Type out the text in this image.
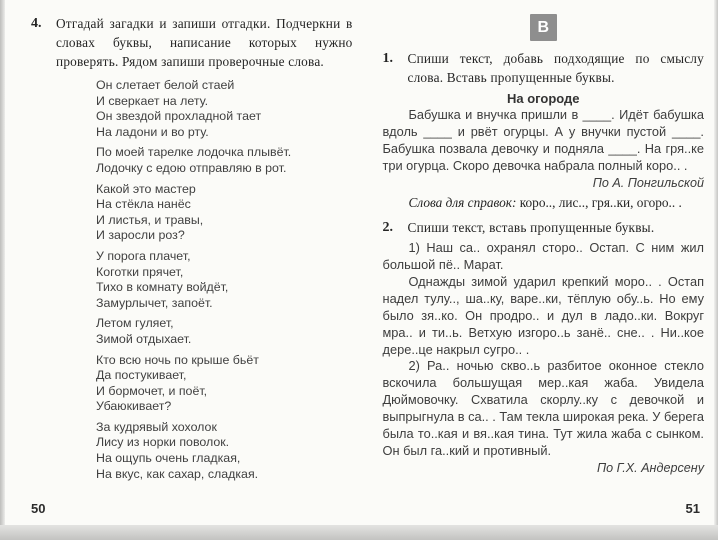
4.	Отгадай загадки и запиши отгадки. Подчеркни в словах буквы, написание которых нужно проверять. Рядом запиши проверочные слова.

Он слетает белой стаей
И сверкает на лету.
Он звездой прохладной тает
На ладони и во рту.
По моей тарелке лодочка плывёт.
Лодочку с едою отправляю в рот.
Какой это мастер
На стёкла нанёс
И листья, и травы,
И заросли роз?
У порога плачет,
Коготки прячет,
Тихо в комнату войдёт,
Замурлычет, запоёт.
Летом гуляет,
Зимой отдыхает.
Кто всю ночь по крыше бьёт
Да постукивает,
И бормочет, и поёт,
Убаюкивает?
За кудрявый хохолок
Лису из норки поволок.
На ощупь очень гладкая,
На вкус, как сахар, сладкая.
50
В
1.	Спиши текст, добавь подходящие по смыслу слова. Вставь пропущенные буквы.

На огороде

Бабушка и внучка пришли в ____. Идёт бабушка вдоль ____ и рвёт огурцы. А у внучки пустой ____. Бабушка позвала девочку и подняла ____. На гря..ке три огурца. Скоро девочка набрала полный коро.. .

По А. Понгильской

Слова для справок: коро.., лис.., гря..ки, огоро.. .

2.	Спиши текст, вставь пропущенные буквы.

1) Наш са.. охранял сторо.. Остап. С ним жил большой пё.. Марат.

Однажды зимой ударил крепкий моро.. . Остап надел тулу.., ша..ку, варе..ки, тёплую обу..ь. Но ему было зя..ко. Он продро.. и дул в ладо..ки. Вокруг мра.. и ти..ь. Ветхую изгоро..ь занё.. сне.. . Ни..кое дере..це накрыл сугро.. .

2) Ра.. ночью скво..ь разбитое оконное стекло вскочила большущая мер..кая жаба. Увидела Дюймовочку. Схватила скорлу..ку с девочкой и выпрыгнула в са.. . Там текла широкая река. У берега была то..кая и вя..кая тина. Тут жила жаба с сынком. Он был га..кий и противный.

По Г.Х. Андерсену

51
